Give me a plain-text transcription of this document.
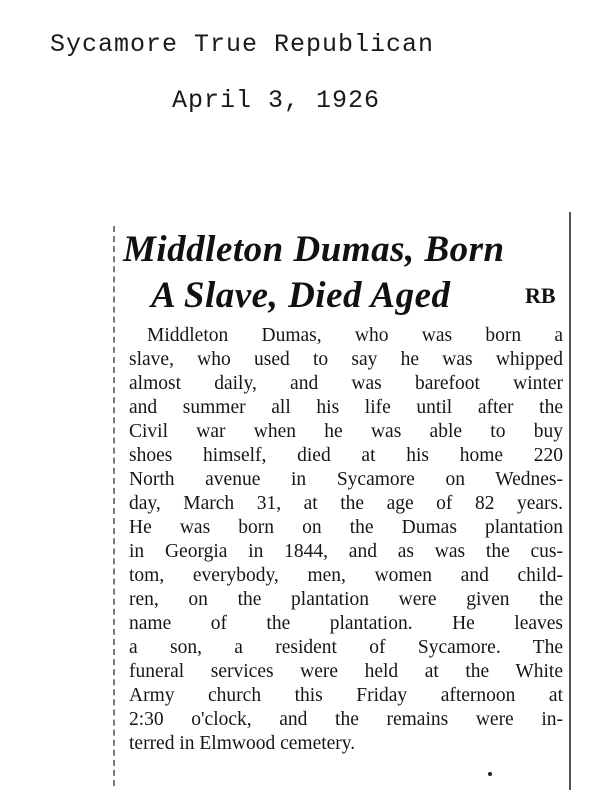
Sycamore True Republican
April 3, 1926
Middleton Dumas, Born
A Slave, Died Aged	RB
Middleton Dumas, who was born a
slave, who used to say he was whipped
almost daily, and was barefoot winter
and summer all his life until after the
Civil war when he was able to buy
shoes himself, died at his home 220
North avenue in Sycamore on Wednes-
day, March 31, at the age of 82 years.
He was born on the Dumas plantation
in Georgia in 1844, and as was the cus-
tom, everybody, men, women and child-
ren, on the plantation were given the
name of the plantation. He leaves
a son, a resident of Sycamore. The
funeral services were held at the White
Army church this Friday afternoon at
2:30 o'clock, and the remains were in-
terred in Elmwood cemetery.
